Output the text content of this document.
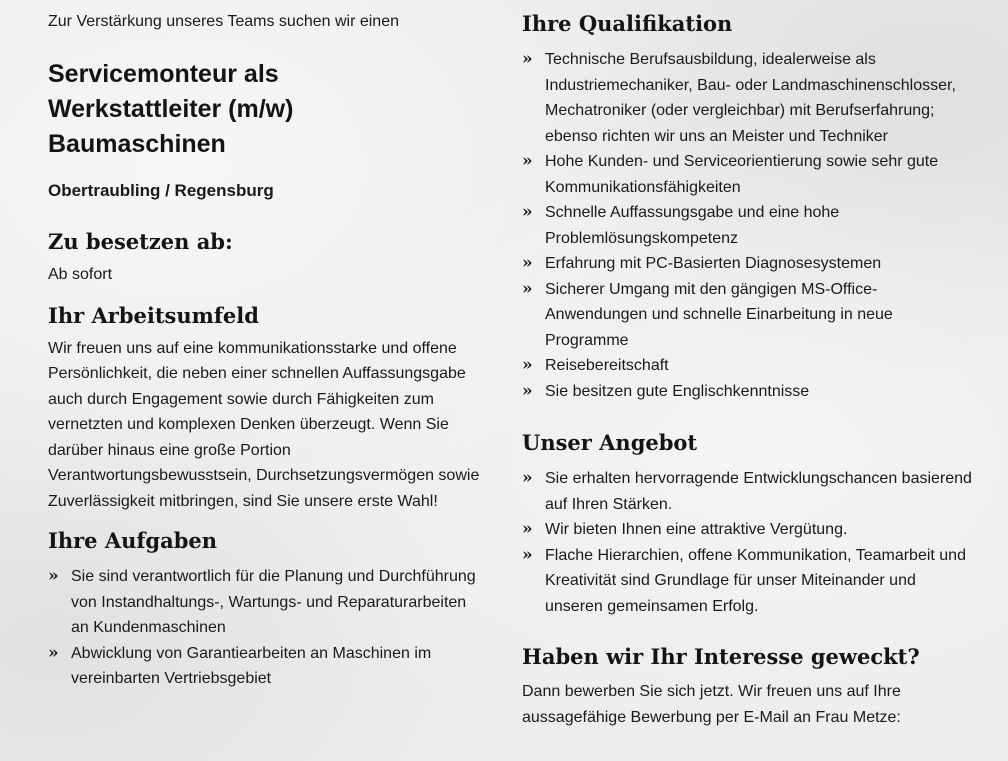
Zur Verstärkung unseres Teams suchen wir einen

Servicemonteur als
Werkstattleiter (m/w)
Baumaschinen

Obertraubling / Regensburg

Zu besetzen ab:

Ab sofort

Ihr Arbeitsumfeld

Wir freuen uns auf eine kommunikationsstarke und offene Persönlichkeit, die neben einer schnellen Auffassungsgabe auch durch Engagement sowie durch Fähigkeiten zum vernetzten und komplexen Denken überzeugt. Wenn Sie darüber hinaus eine große Portion Verantwortungsbewusstsein, Durchsetzungsvermögen sowie Zuverlässigkeit mitbringen, sind Sie unsere erste Wahl!

Ihre Aufgaben
» Sie sind verantwortlich für die Planung und Durchführung von Instandhaltungs-, Wartungs- und Reparaturarbeiten an Kundenmaschinen
» Abwicklung von Garantiearbeiten an Maschinen im vereinbarten Vertriebsgebiet
Ihre Qualifikation
» Technische Berufsausbildung, idealerweise als Industriemechaniker, Bau- oder Landmaschinenschlosser, Mechatroniker (oder vergleichbar) mit Berufserfahrung; ebenso richten wir uns an Meister und Techniker
» Hohe Kunden- und Serviceorientierung sowie sehr gute Kommunikationsfähigkeiten
» Schnelle Auffassungsgabe und eine hohe Problemlösungskompetenz
» Erfahrung mit PC-Basierten Diagnosesystemen
» Sicherer Umgang mit den gängigen MS-Office-Anwendungen und schnelle Einarbeitung in neue Programme
» Reisebereitschaft
» Sie besitzen gute Englischkenntnisse
Unser Angebot
» Sie erhalten hervorragende Entwicklungschancen basierend auf Ihren Stärken.
» Wir bieten Ihnen eine attraktive Vergütung.
» Flache Hierarchien, offene Kommunikation, Teamarbeit und Kreativität sind Grundlage für unser Miteinander und unseren gemeinsamen Erfolg.
Haben wir Ihr Interesse geweckt?

Dann bewerben Sie sich jetzt. Wir freuen uns auf Ihre aussagefähige Bewerbung per E-Mail an Frau Metze:
